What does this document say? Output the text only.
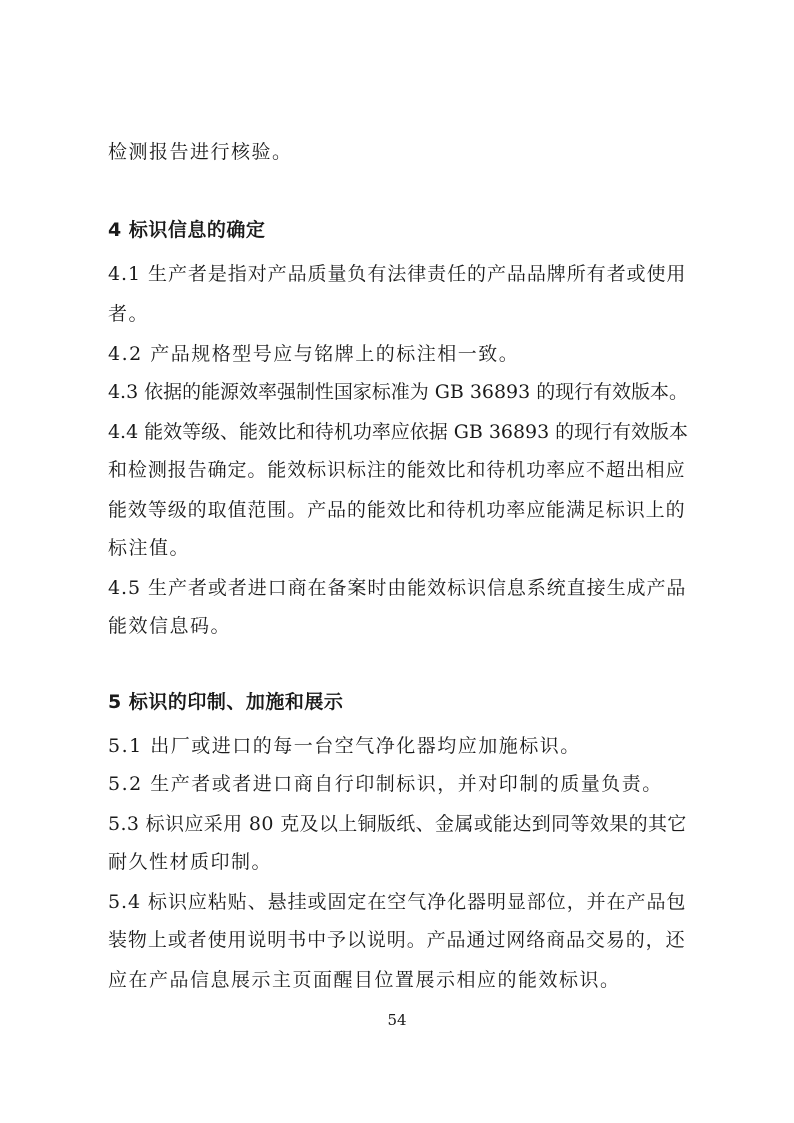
检测报告进行核验。
4 标识信息的确定
4.1 生产者是指对产品质量负有法律责任的产品品牌所有者或使用
者。
4.2 产品规格型号应与铭牌上的标注相一致。
4.3 依据的能源效率强制性国家标准为 GB 36893 的现行有效版本。
4.4 能效等级、能效比和待机功率应依据 GB 36893 的现行有效版本
和检测报告确定。能效标识标注的能效比和待机功率应不超出相应
能效等级的取值范围。产品的能效比和待机功率应能满足标识上的
标注值。
4.5 生产者或者进口商在备案时由能效标识信息系统直接生成产品
能效信息码。
5 标识的印制、加施和展示
5.1 出厂或进口的每一台空气净化器均应加施标识。
5.2 生产者或者进口商自行印制标识，并对印制的质量负责。
5.3 标识应采用 80 克及以上铜版纸、金属或能达到同等效果的其它
耐久性材质印制。
5.4 标识应粘贴、悬挂或固定在空气净化器明显部位，并在产品包
装物上或者使用说明书中予以说明。产品通过网络商品交易的，还
应在产品信息展示主页面醒目位置展示相应的能效标识。
54
